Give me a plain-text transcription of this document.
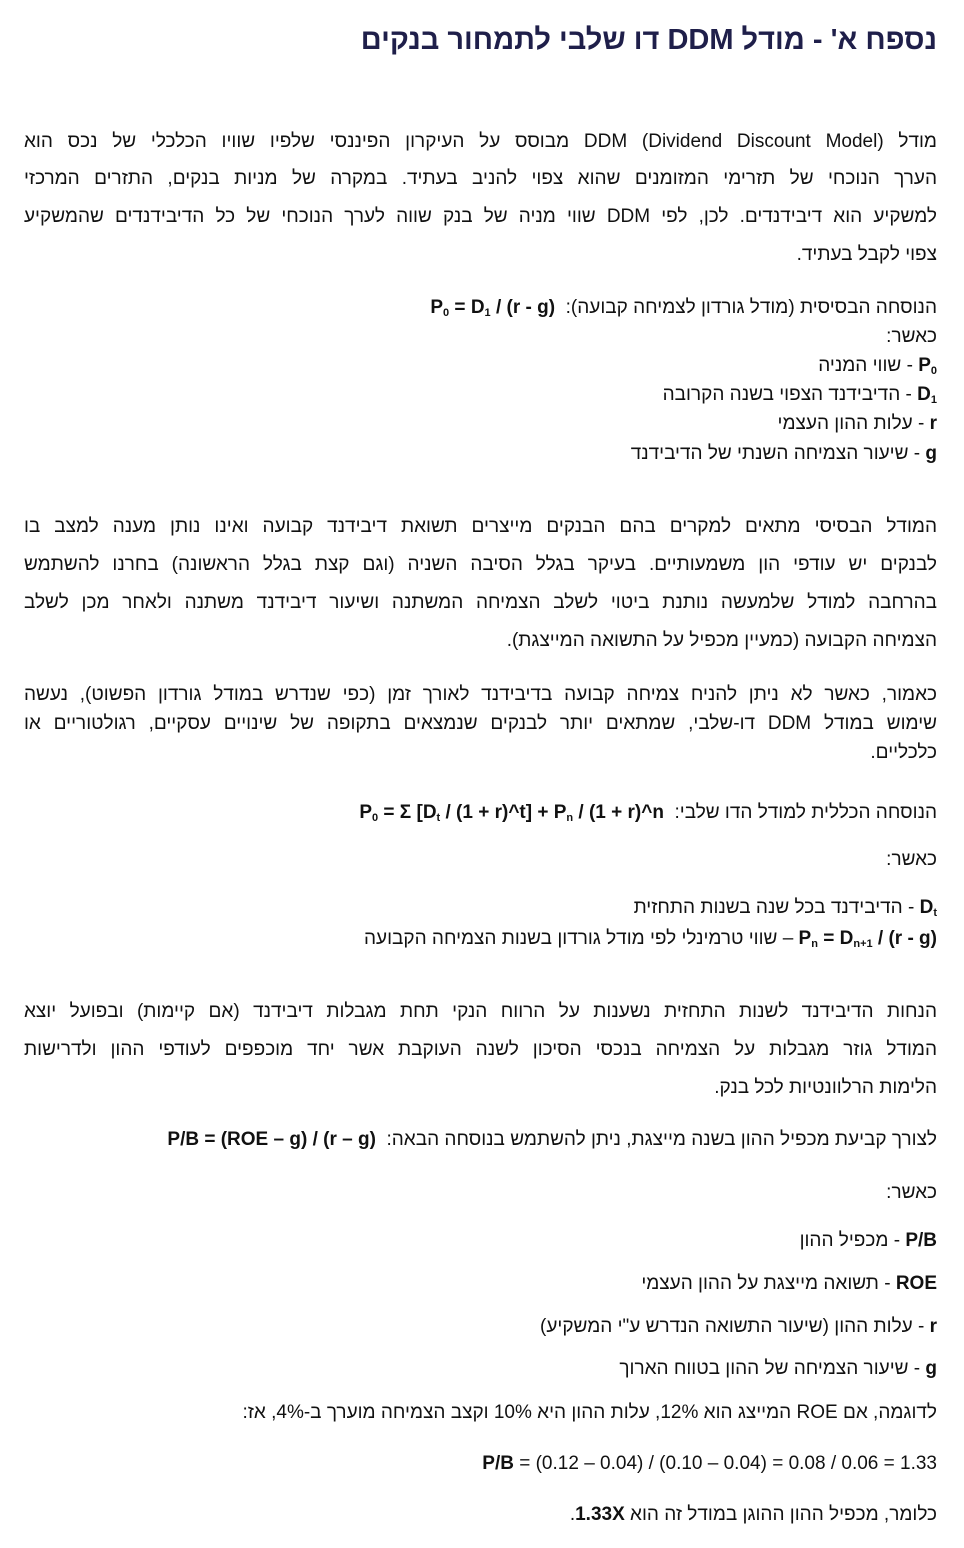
נספח א' - מודל DDM דו שלבי לתמחור בנקים
מודל DDM (Dividend Discount Model) מבוסס על העיקרון הפיננסי שלפיו שוויו הכלכלי של נכס הוא
הערך הנוכחי של תזרימי המזומנים שהוא צפוי להניב בעתיד. במקרה של מניות בנקים, התזרים המרכזי
למשקיע הוא דיבידנדים. לכן, לפי DDM שווי מניה של בנק שווה לערך הנוכחי של כל הדיבידנדים שהמשקיע
צפוי לקבל בעתיד.
הנוסחה הבסיסית (מודל גורדון לצמיחה קבועה):  $P_0 = D_1 / (r - g)$
כאשר:
$P_0$ - שווי המניה
$D_1$ - הדיבידנד הצפוי בשנה הקרובה
r - עלות ההון העצמי
g - שיעור הצמיחה השנתי של הדיבידנד
המודל הבסיסי מתאים למקרים בהם הבנקים מייצרים תשואת דיבידנד קבועה ואינו נותן מענה למצב בו
לבנקים יש עודפי הון משמעותיים. בעיקר בגלל הסיבה השניה (וגם קצת בגלל הראשונה) בחרנו להשתמש
בהרחבה למודל שלמעשה נותנת ביטוי לשלב הצמיחה המשתנה ושיעור דיבידנד משתנה ולאחר מכן לשלב
הצמיחה הקבועה (כמעיין מכפיל על התשואה המייצגת).
כאמור, כאשר לא ניתן להניח צמיחה קבועה בדיבידנד לאורך זמן (כפי שנדרש במודל גורדון הפשוט), נעשה
שימוש במודל DDM דו-שלבי, שמתאים יותר לבנקים שנמצאים בתקופה של שינויים עסקיים, רגולטוריים או
כלכליים.
הנוסחה הכללית למודל הדו שלבי:  $P_0 = \Sigma$ [$D_t / (1$ + r)^t] + $P_n / (1$ + r)^n
כאשר:
$D_t$ - הדיבידנד בכל שנה בשנות התחזית
$P_n = D_{n+1} / (r - g)$ – שווי טרמינלי לפי מודל גורדון בשנות הצמיחה הקבועה
הנחות הדיבידנד לשנות התחזית נשענות על הרווח הנקי תחת מגבלות דיבידנד (אם קיימות) ובפועל יוצא
המודל גוזר מגבלות על הצמיחה בנכסי הסיכון לשנה העוקבת אשר יחד מוכפפים לעודפי ההון ולדרישות
הלימות הרלוונטיות לכל בנק.
לצורך קביעת מכפיל ההון בשנה מייצגת, ניתן להשתמש בנוסחה הבאה:  P/B = (ROE – g) / (r – g)
כאשר:
P/B - מכפיל ההון
ROE - תשואה מייצגת על ההון העצמי
r - עלות ההון (שיעור התשואה הנדרש ע"י המשקיע)
g - שיעור הצמיחה של ההון בטווח הארוך
לדוגמה, אם ROE המייצג הוא 12%, עלות ההון היא 10% וקצב הצמיחה מוערך ב-4%, אז:
P/B = (0.12 – 0.04) / (0.10 – 0.04) = 0.08 / 0.06 = 1.33
כלומר, מכפיל ההון ההוגן במודל זה הוא 1.33X.
